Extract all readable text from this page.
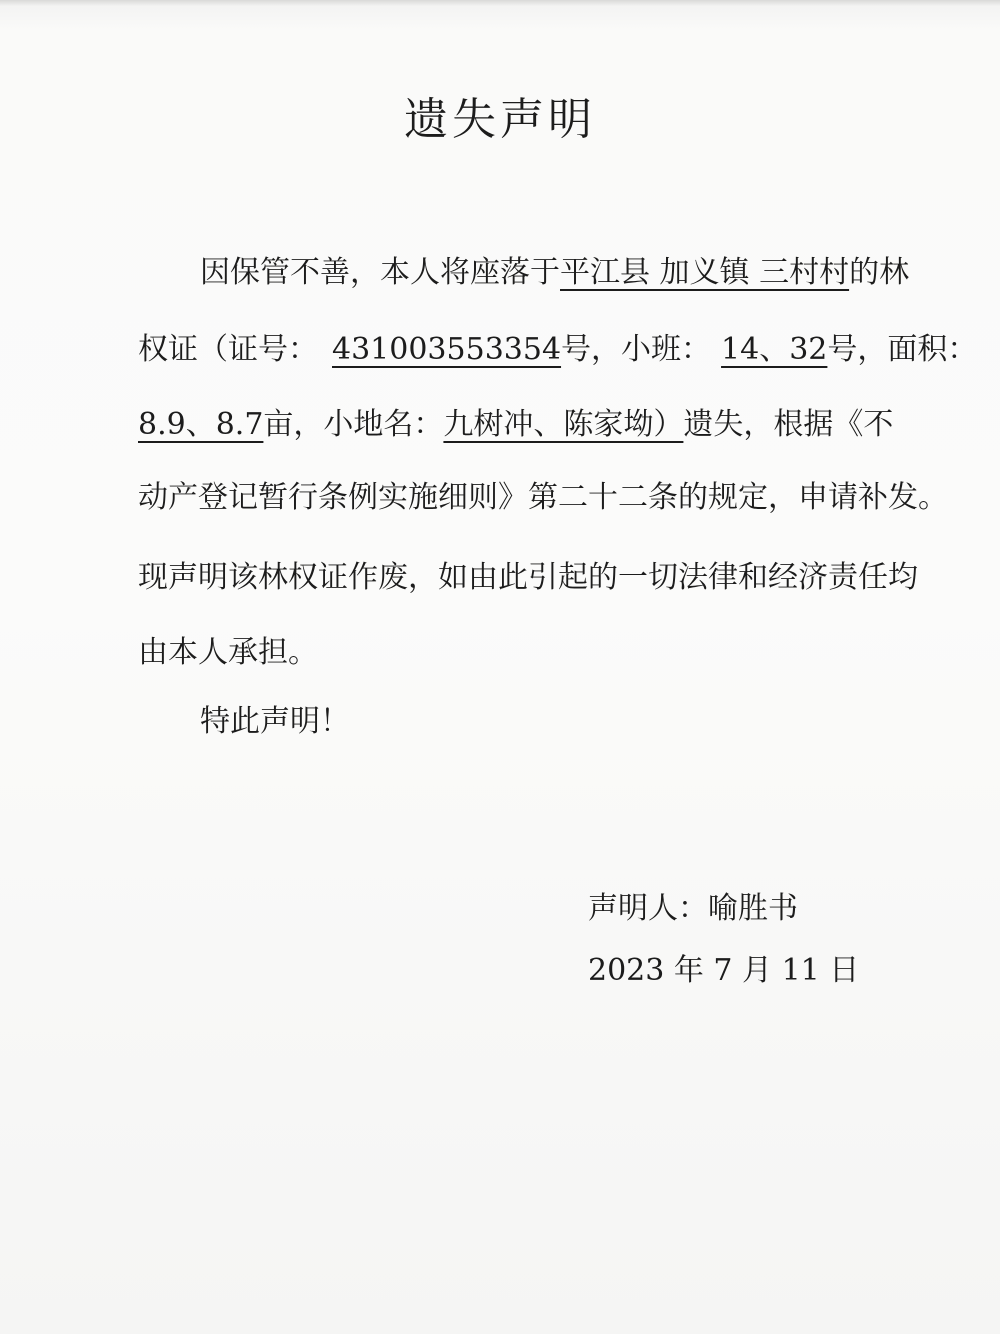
遗失声明
因保管不善，本人将座落于平江县 加义镇 三村村的林
权证（证号： 431003553354号，小班： 14、32号，面积：
8.9、8.7亩，小地名：九树冲、陈家坳）遗失，根据《不
动产登记暂行条例实施细则》第二十二条的规定，申请补发。
现声明该林权证作废，如由此引起的一切法律和经济责任均
由本人承担。
特此声明！
声明人：喻胜书
2023 年 7 月 11 日
